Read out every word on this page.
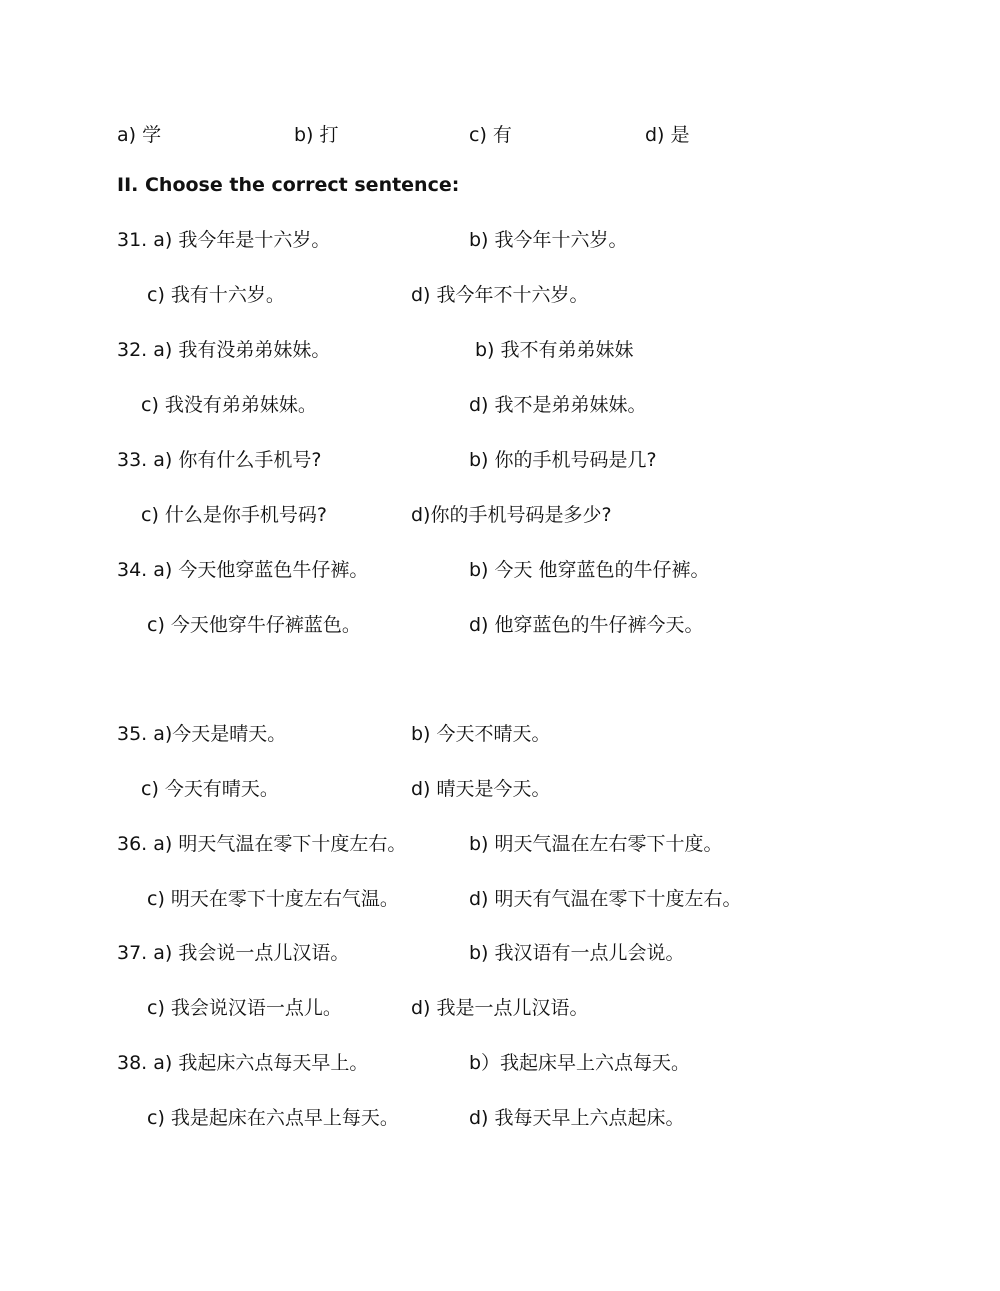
a) 学	b) 打	c) 有	d) 是
II. Choose the correct sentence:
31. a) 我今年是十六岁。	b) 我今年十六岁。
c) 我有十六岁。	d) 我今年不十六岁。
32. a) 我有没弟弟妹妹。	b) 我不有弟弟妹妹
c) 我没有弟弟妹妹。	d) 我不是弟弟妹妹。
33. a) 你有什么手机号?	b) 你的手机号码是几?
c) 什么是你手机号码?	d)你的手机号码是多少?
34. a) 今天他穿蓝色牛仔裤。	b) 今天 他穿蓝色的牛仔裤。
c) 今天他穿牛仔裤蓝色。	d) 他穿蓝色的牛仔裤今天。
35. a)今天是晴天。	b) 今天不晴天。
c) 今天有晴天。	d) 晴天是今天。
36. a) 明天气温在零下十度左右。	b) 明天气温在左右零下十度。
c) 明天在零下十度左右气温。	d) 明天有气温在零下十度左右。
37. a) 我会说一点儿汉语。	b) 我汉语有一点儿会说。
c) 我会说汉语一点儿。	d) 我是一点儿汉语。
38. a) 我起床六点每天早上。	b）我起床早上六点每天。
c) 我是起床在六点早上每天。	d) 我每天早上六点起床。
